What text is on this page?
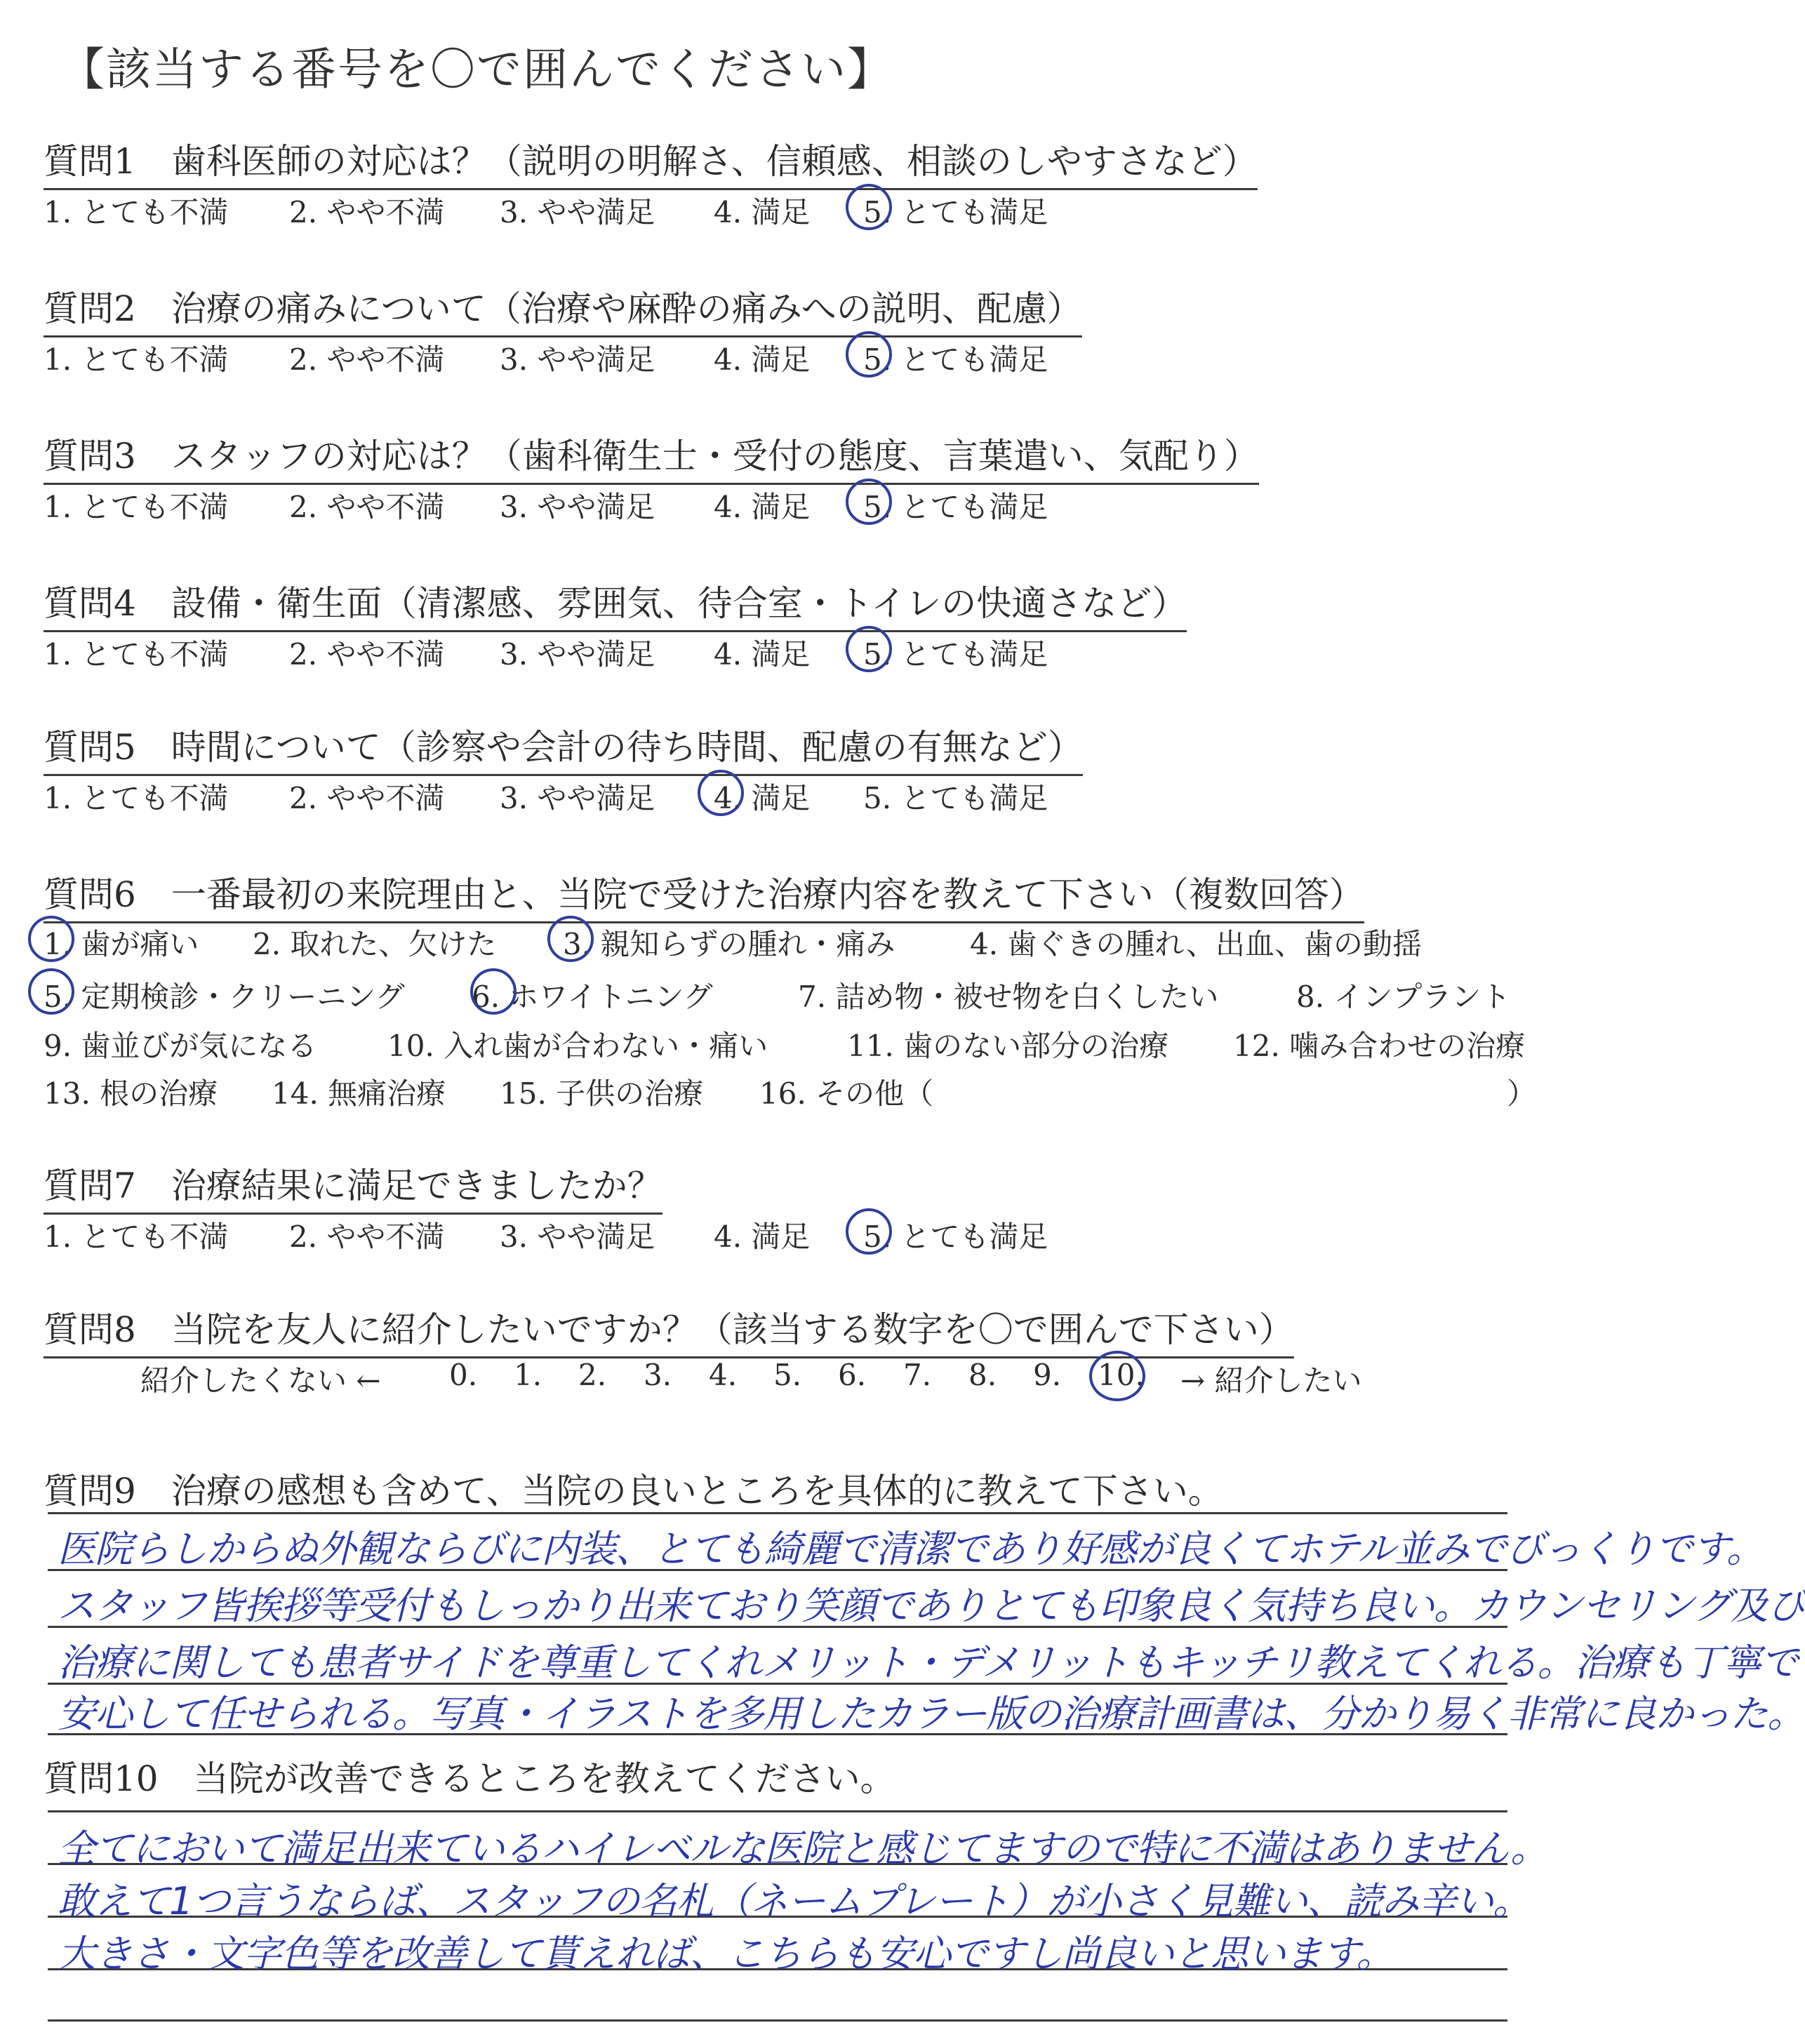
【該当する番号を〇で囲んでください】
質問1　歯科医師の対応は？（説明の明解さ、信頼感、相談のしやすさなど）
1. とても不満 2. やや不満 3. やや満足 4. 満足 5. とても満足
質問2　治療の痛みについて（治療や麻酔の痛みへの説明、配慮）
1. とても不満 2. やや不満 3. やや満足 4. 満足 5. とても満足
質問3　スタッフの対応は？（歯科衛生士・受付の態度、言葉遣い、気配り）
1. とても不満 2. やや不満 3. やや満足 4. 満足 5. とても満足
質問4　設備・衛生面（清潔感、雰囲気、待合室・トイレの快適さなど）
1. とても不満 2. やや不満 3. やや満足 4. 満足 5. とても満足
質問5　時間について（診察や会計の待ち時間、配慮の有無など）
1. とても不満 2. やや不満 3. やや満足 4. 満足 5. とても満足
質問6　一番最初の来院理由と、当院で受けた治療内容を教えて下さい（複数回答）
1. 歯が痛い 2. 取れた、欠けた 3. 親知らずの腫れ・痛み	4. 歯ぐきの腫れ、出血、歯の動揺
5. 定期検診・クリーニング 6. ホワイトニング	7. 詰め物・被せ物を白くしたい	8. インプラント
9. 歯並びが気になる 10. 入れ歯が合わない・痛い	11. 歯のない部分の治療 12. 噛み合わせの治療
13. 根の治療 14. 無痛治療 15. 子供の治療 16. その他（	）
質問7　治療結果に満足できましたか？
1. とても不満 2. やや不満 3. やや満足 4. 満足 5. とても満足
質問8　当院を友人に紹介したいですか？（該当する数字を〇で囲んで下さい）
紹介したくない ← 0. 1. 2. 3. 4. 5. 6. 7. 8. 9. 10. → 紹介したい
質問9　治療の感想も含めて、当院の良いところを具体的に教えて下さい。
医院らしからぬ外観ならびに内装、とても綺麗で清潔であり好感が良くてホテル並みでびっくりです。
スタッフ皆挨拶等受付もしっかり出来ており笑顔でありとても印象良く気持ち良い。カウンセリング及び
治療に関しても患者サイドを尊重してくれメリット・デメリットもキッチリ教えてくれる。治療も丁寧で
安心して任せられる。写真・イラストを多用したカラー版の治療計画書は、分かり易く非常に良かった。
質問10　当院が改善できるところを教えてください。
全てにおいて満足出来ているハイレベルな医院と感じてますので特に不満はありません。
敢えて1つ言うならば、スタッフの名札（ネームプレート）が小さく見難い、読み辛い。
大きさ・文字色等を改善して貰えれば、こちらも安心ですし尚良いと思います。
